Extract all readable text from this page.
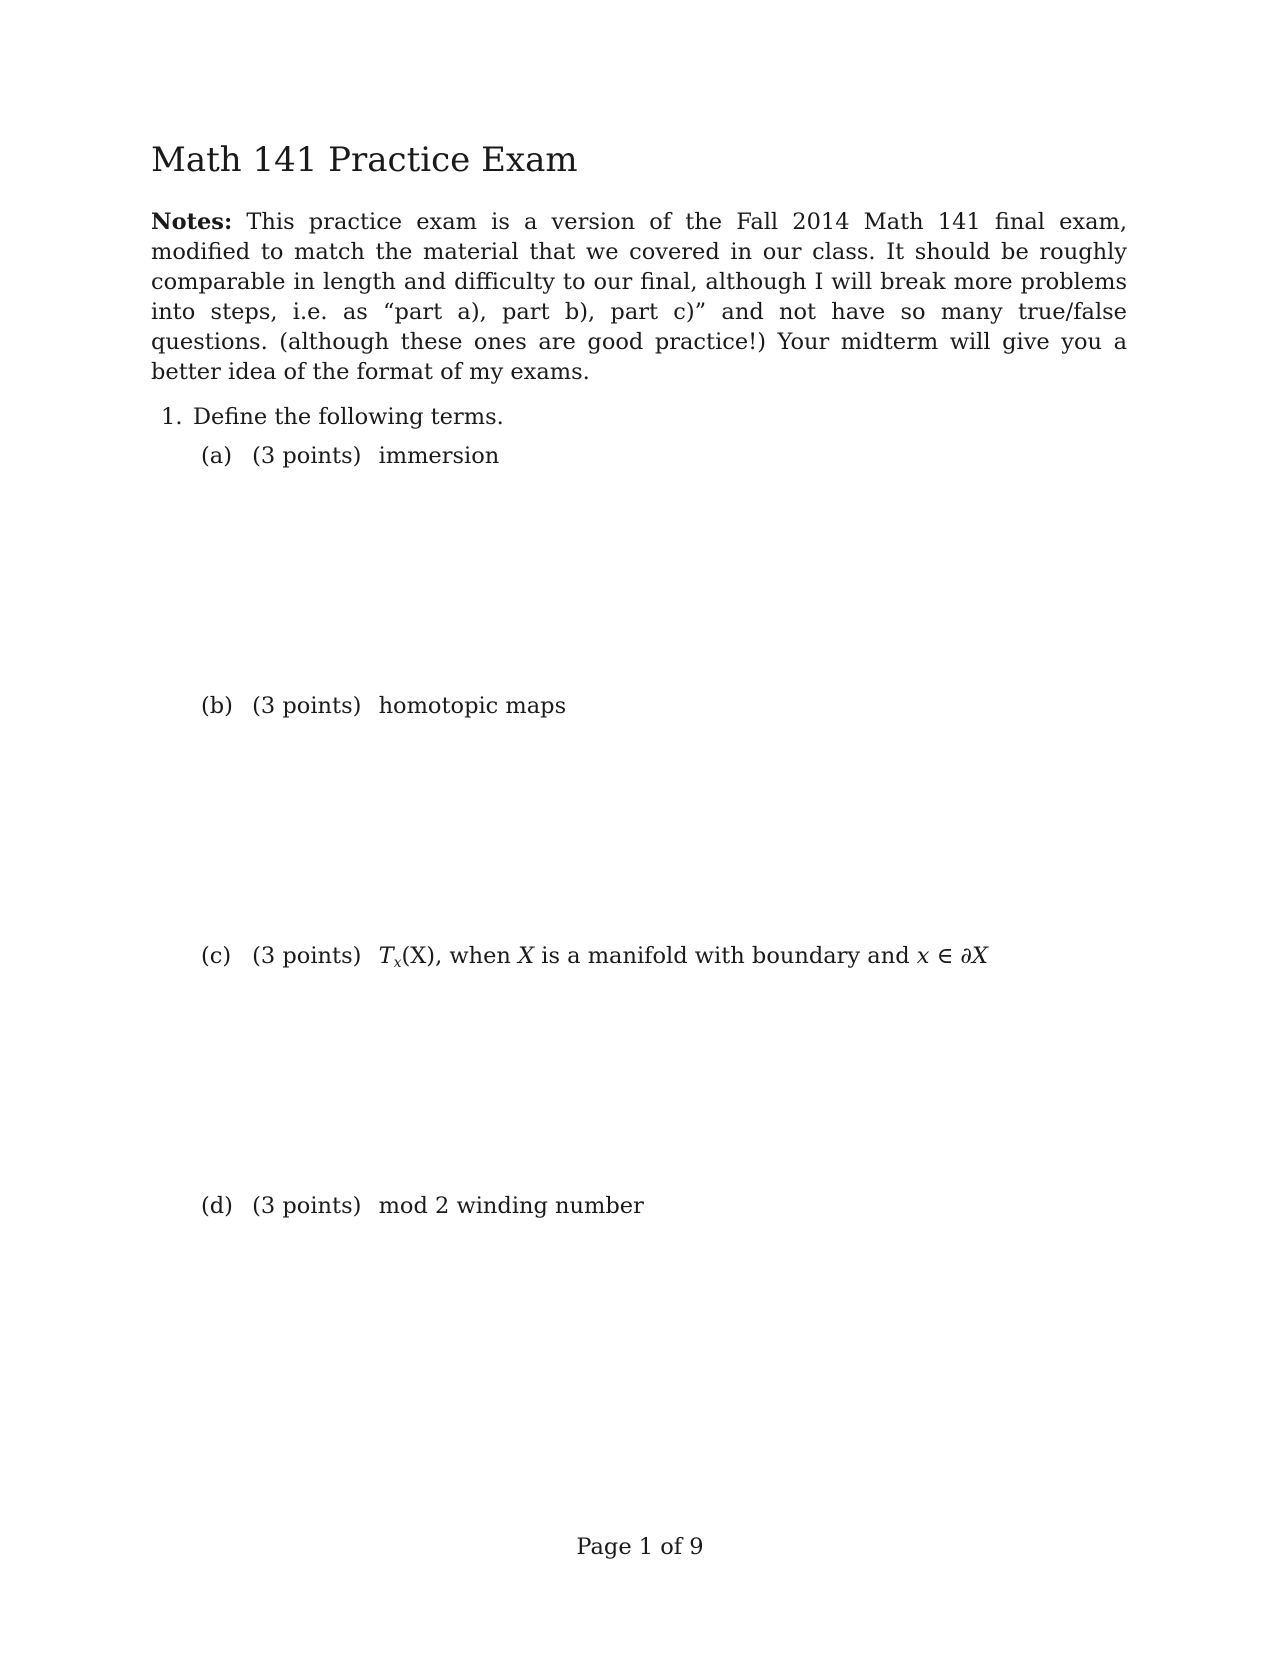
Math 141 Practice Exam

Notes: This practice exam is a version of the Fall 2014 Math 141 final exam, modified to match the material that we covered in our class. It should be roughly comparable in length and difficulty to our final, although I will break more problems into steps, i.e. as “part a), part b), part c)” and not have so many true/false questions. (although these ones are good practice!) Your midterm will give you a better idea of the format of my exams.

1. Define the following terms.
(a) (3 points) immersion
(b) (3 points) homotopic maps
(c) (3 points) $T_x(X)$, when X is a manifold with boundary and x ∈ ∂X
(d) (3 points) mod 2 winding number
Page 1 of 9
